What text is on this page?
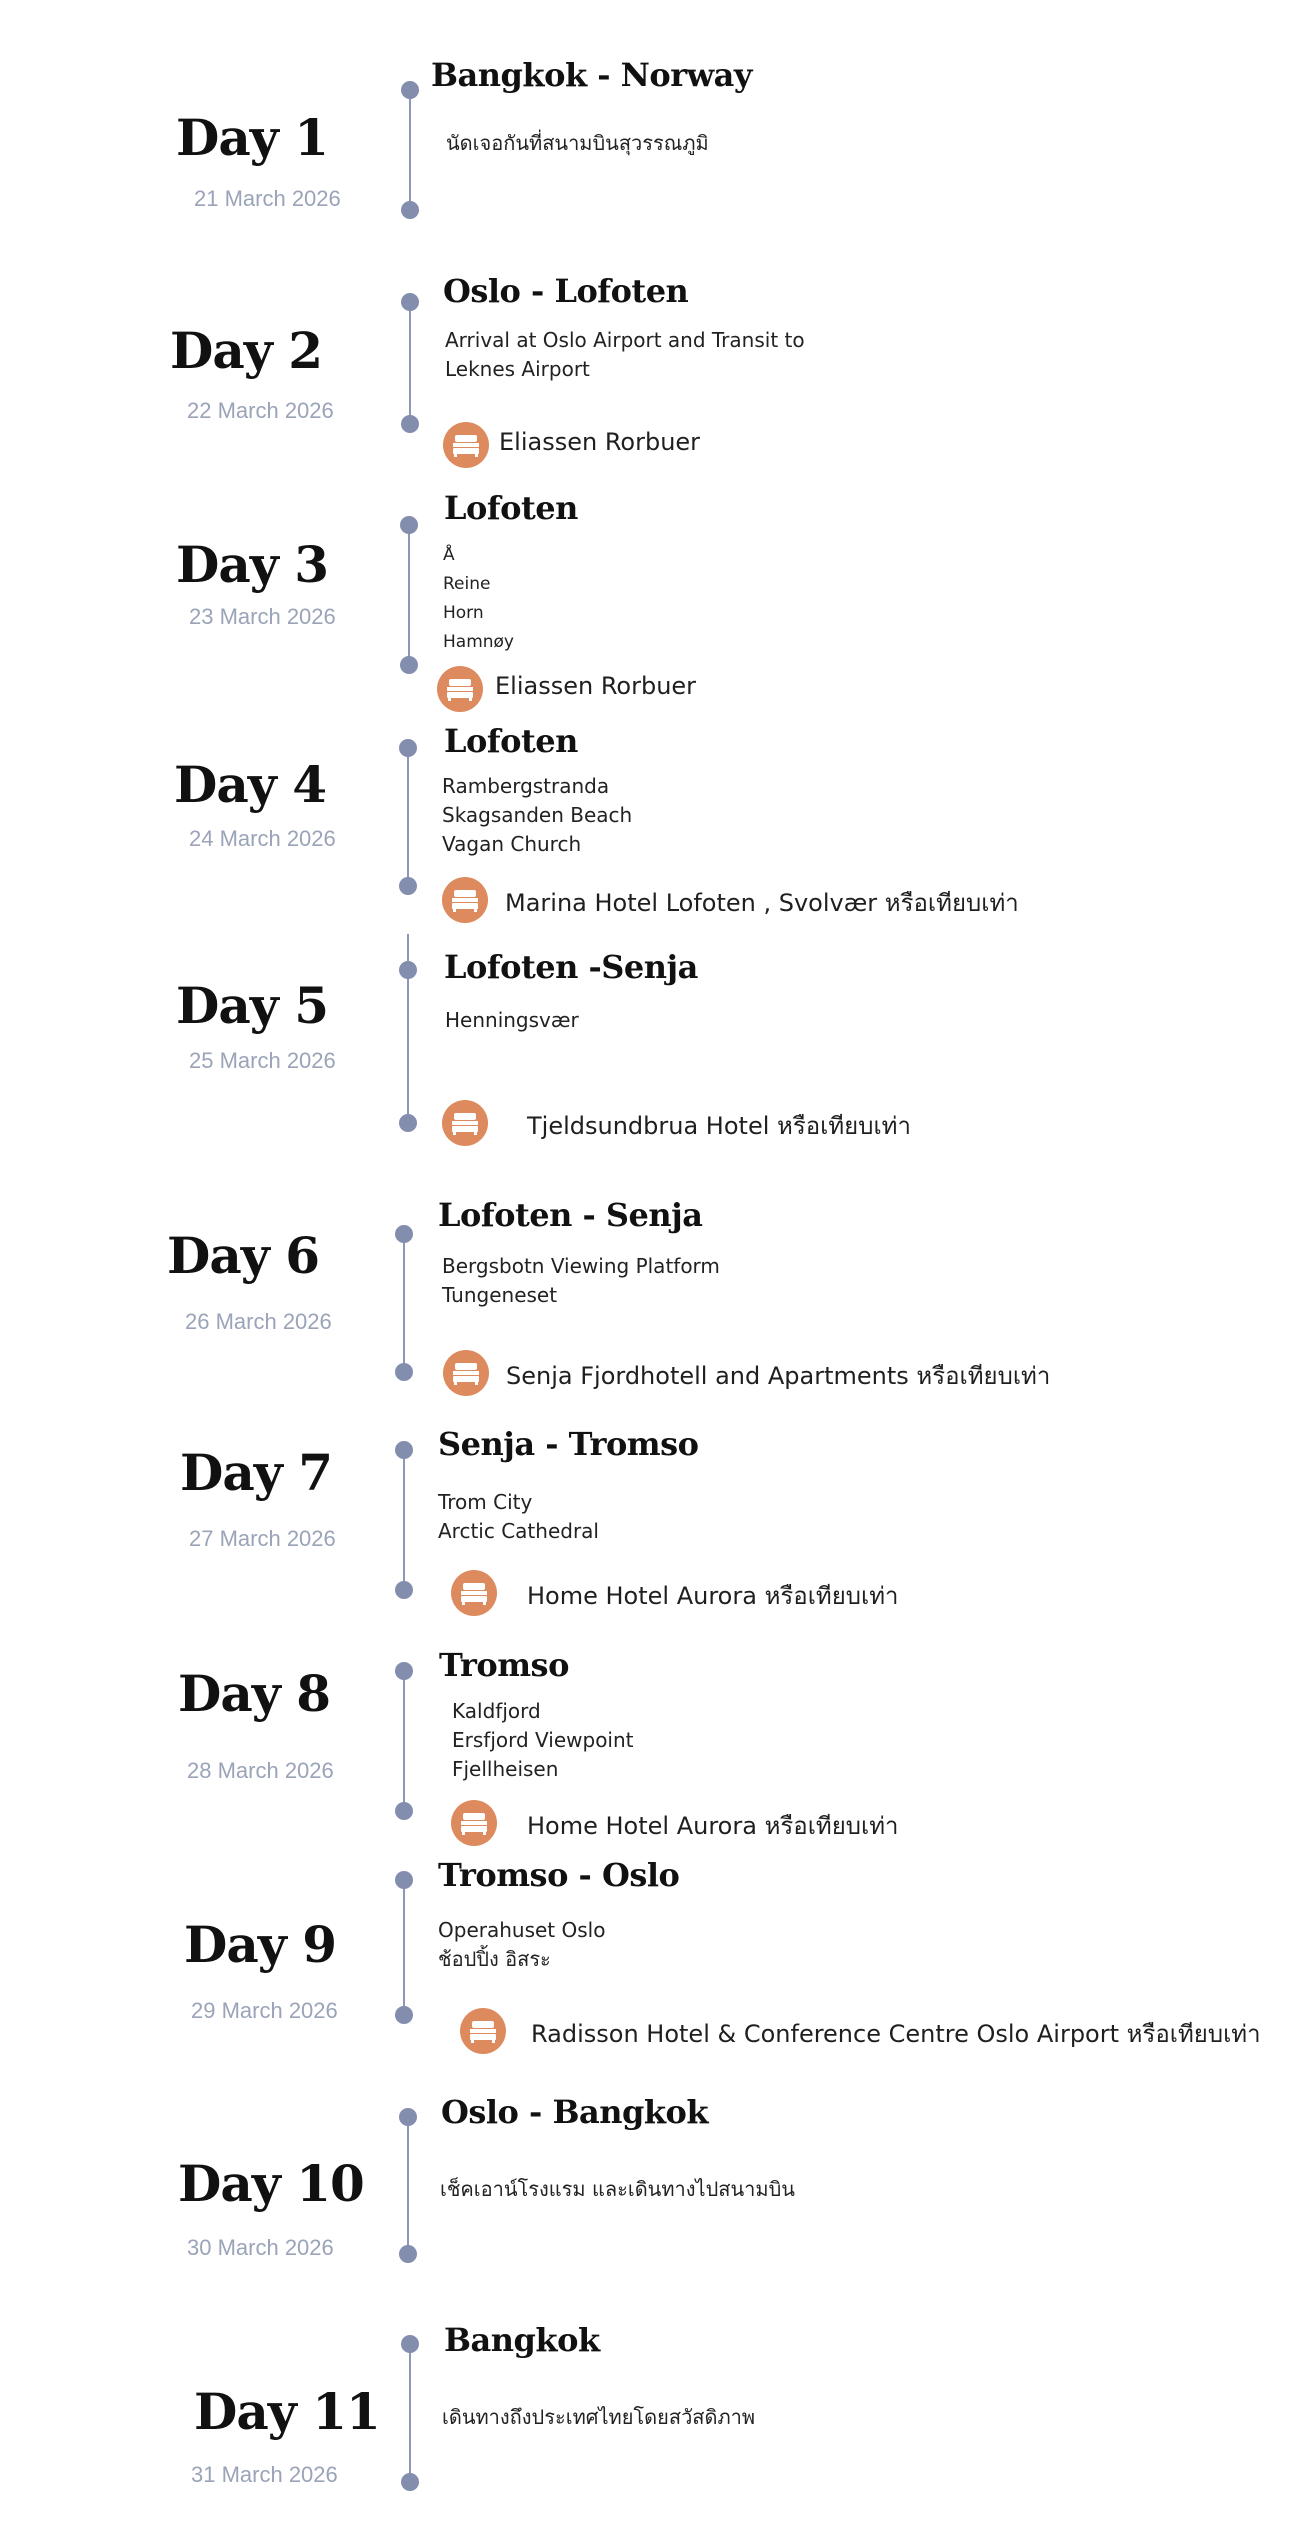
Day 1
21 March 2026
Bangkok - Norway
นัดเจอกันที่สนามบินสุวรรณภูมิ
Day 2
22 March 2026
Oslo - Lofoten
Arrival at Oslo Airport and Transit to
Leknes Airport
Eliassen Rorbuer
Day 3
23 March 2026
Lofoten
Å
Reine
Horn
Hamnøy
Eliassen Rorbuer
Day 4
24 March 2026
Lofoten
Rambergstranda
Skagsanden Beach
Vagan Church
Marina Hotel Lofoten , Svolvær หรือเทียบเท่า
Day 5
25 March 2026
Lofoten -Senja
Henningsvær
Tjeldsundbrua Hotel หรือเทียบเท่า
Day 6
26 March 2026
Lofoten - Senja
Bergsbotn Viewing Platform
Tungeneset
Senja Fjordhotell and Apartments หรือเทียบเท่า
Day 7
27 March 2026
Senja - Tromso
Trom City
Arctic Cathedral
Home Hotel Aurora หรือเทียบเท่า
Day 8
28 March 2026
Tromso
Kaldfjord
Ersfjord Viewpoint
Fjellheisen
Home Hotel Aurora หรือเทียบเท่า
Day 9
29 March 2026
Tromso - Oslo
Operahuset Oslo
ช้อปปิ้ง อิสระ
Radisson Hotel & Conference Centre Oslo Airport หรือเทียบเท่า
Day 10
30 March 2026
Oslo - Bangkok
เช็คเอาน์โรงแรม และเดินทางไปสนามบิน
Day 11
31 March 2026
Bangkok
เดินทางถึงประเทศไทยโดยสวัสดิภาพ
